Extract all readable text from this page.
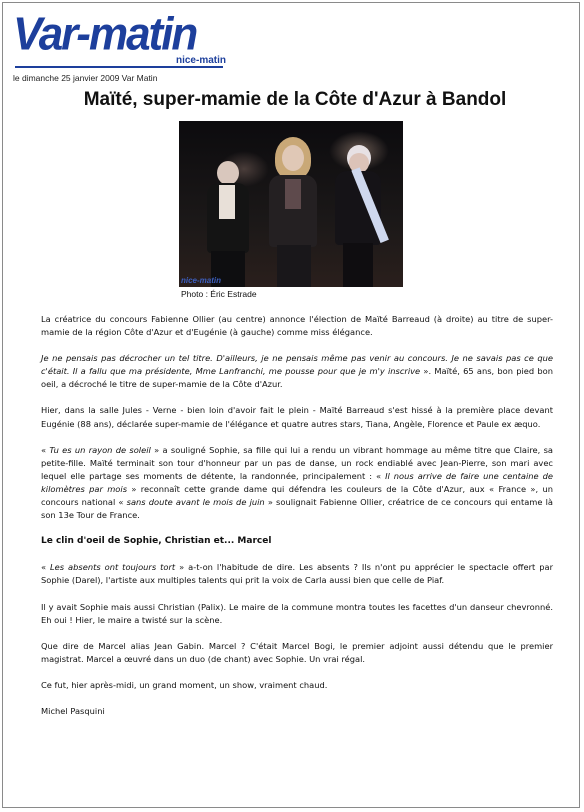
Var-matin
nice-matin
le dimanche 25 janvier 2009 Var Matin
Maïté, super-mamie de la Côte d'Azur à Bandol
nice-matin
Photo : Éric Estrade

La créatrice du concours Fabienne Ollier (au centre) annonce l'élection de Maïté Barreaud (à droite) au titre de super-mamie de la région Côte d'Azur et d'Eugénie (à gauche) comme miss élégance.

Je ne pensais pas décrocher un tel titre. D'ailleurs, je ne pensais même pas venir au concours. Je ne savais pas ce que c'était. Il a fallu que ma présidente, Mme Lanfranchi, me pousse pour que je m'y inscrive ». Maïté, 65 ans, bon pied bon oeil, a décroché le titre de super-mamie de la Côte d'Azur.

Hier, dans la salle Jules - Verne - bien loin d'avoir fait le plein - Maïté Barreaud s'est hissé à la première place devant Eugénie (88 ans), déclarée super-mamie de l'élégance et quatre autres stars, Tiana, Angèle, Florence et Paule ex æquo.

« Tu es un rayon de soleil » a souligné Sophie, sa fille qui lui a rendu un vibrant hommage au même titre que Claire, sa petite-fille. Maïté terminait son tour d'honneur par un pas de danse, un rock endiablé avec Jean-Pierre, son mari avec lequel elle partage ses moments de détente, la randonnée, principalement : « Il nous arrive de faire une centaine de kilomètres par mois » reconnaît cette grande dame qui défendra les couleurs de la Côte d'Azur, aux « France », un concours national « sans doute avant le mois de juin » soulignait Fabienne Ollier, créatrice de ce concours qui entame là son 13e Tour de France.

Le clin d'oeil de Sophie, Christian et... Marcel

« Les absents ont toujours tort » a-t-on l'habitude de dire. Les absents ? Ils n'ont pu apprécier le spectacle offert par Sophie (Darel), l'artiste aux multiples talents qui prit la voix de Carla aussi bien que celle de Piaf.

Il y avait Sophie mais aussi Christian (Palix). Le maire de la commune montra toutes les facettes d'un danseur chevronné. Eh oui ! Hier, le maire a twisté sur la scène.

Que dire de Marcel alias Jean Gabin. Marcel ? C'était Marcel Bogi, le premier adjoint aussi détendu que le premier magistrat. Marcel a œuvré dans un duo (de chant) avec Sophie. Un vrai régal.

Ce fut, hier après-midi, un grand moment, un show, vraiment chaud.

Michel Pasquini
